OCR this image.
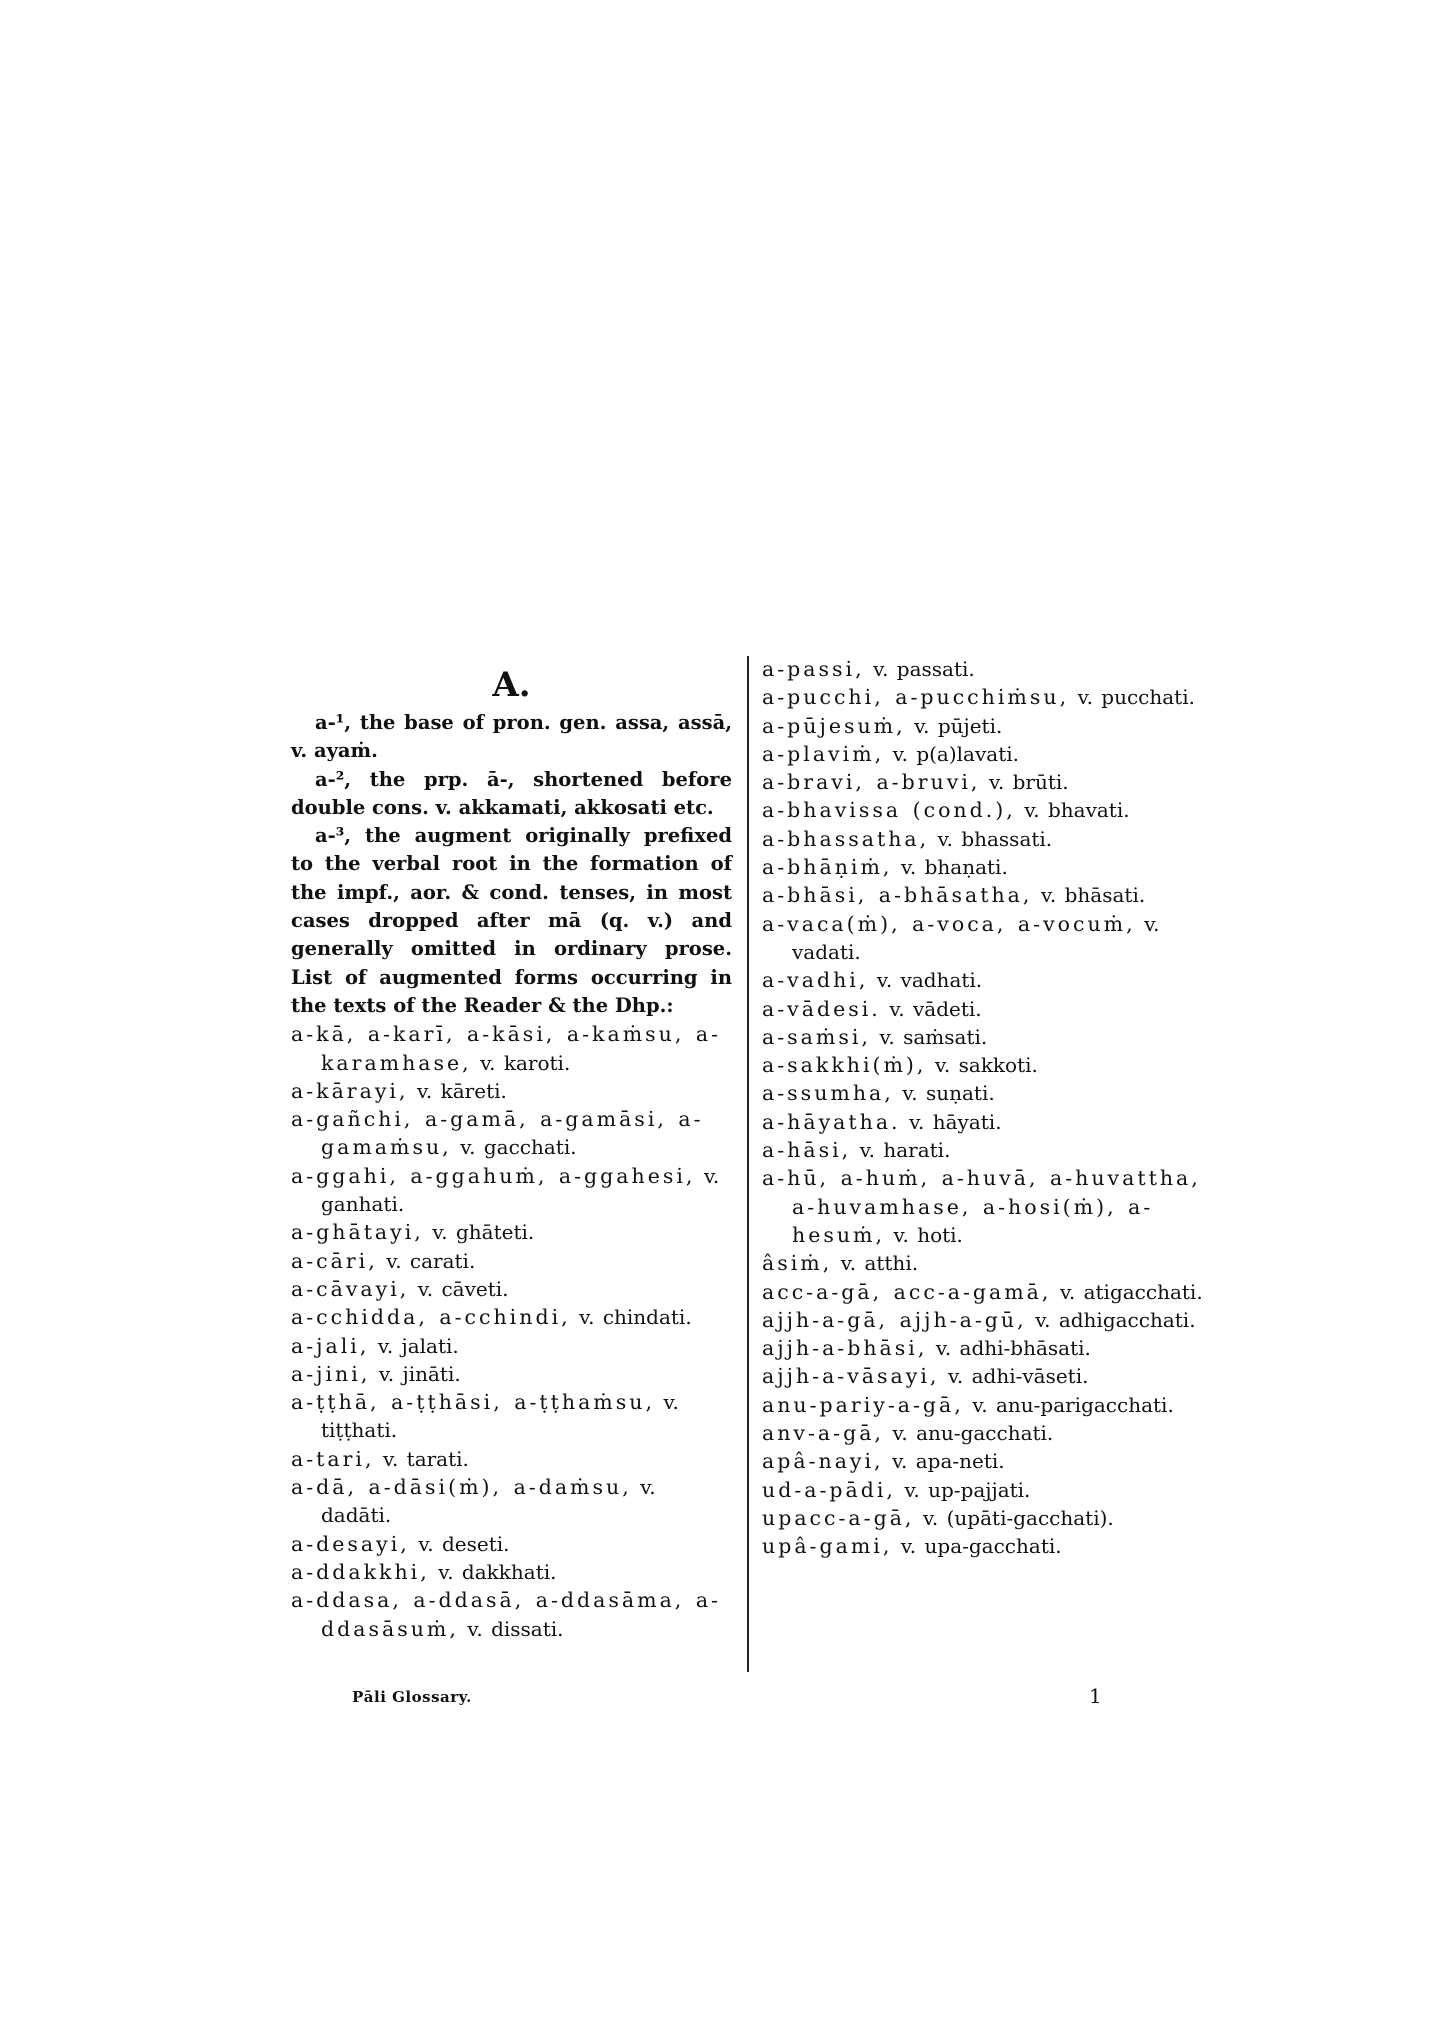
A.

a-¹, the base of pron. gen. assa, assā, v. ayaṁ.

a-², the prp. ā-, shortened before double cons. v. akkamati, akkosati etc.

a-³, the augment originally prefixed to the verbal root in the formation of the impf., aor. & cond. tenses, in most cases dropped after mā (q. v.) and generally omitted in ordinary prose. List of augmented forms occurring in the texts of the Reader & the Dhp.:

a-kā, a-karī, a-kāsi, a-kaṁsu, a-karamhase, v. karoti.

a-kārayi, v. kāreti.

a-gañchi, a-gamā, a-gamāsi, a-gamaṁsu, v. gacchati.

a-ggahi, a-ggahuṁ, a-ggahesi, v. ganhati.

a-ghātayi, v. ghāteti.

a-cāri, v. carati.

a-cāvayi, v. cāveti.

a-cchidda, a-cchindi, v. chindati.

a-jali, v. jalati.

a-jini, v. jināti.

a-ṭṭhā, a-ṭṭhāsi, a-ṭṭhaṁsu, v. tiṭṭhati.

a-tari, v. tarati.

a-dā, a-dāsi(ṁ), a-daṁsu, v. dadāti.

a-desayi, v. deseti.

a-ddakkhi, v. dakkhati.

a-ddasa, a-ddasā, a-ddasāma, a-ddasāsuṁ, v. dissati.

a-passi, v. passati.

a-pucchi, a-pucchiṁsu, v. pucchati.

a-pūjesuṁ, v. pūjeti.

a-plaviṁ, v. p(a)lavati.

a-bravi, a-bruvi, v. brūti.

a-bhavissa (cond.), v. bhavati.

a-bhassatha, v. bhassati.

a-bhāṇiṁ, v. bhaṇati.

a-bhāsi, a-bhāsatha, v. bhāsati.

a-vaca(ṁ), a-voca, a-vocuṁ, v. vadati.

a-vadhi, v. vadhati.

a-vādesi. v. vādeti.

a-saṁsi, v. saṁsati.

a-sakkhi(ṁ), v. sakkoti.

a-ssumha, v. suṇati.

a-hāyatha. v. hāyati.

a-hāsi, v. harati.

a-hū, a-huṁ, a-huvā, a-huvattha, a-huvamhase, a-hosi(ṁ), a-hesuṁ, v. hoti.

âsiṁ, v. atthi.

acc-a-gā, acc-a-gamā, v. atigacchati.

ajjh-a-gā, ajjh-a-gū, v. adhigacchati.

ajjh-a-bhāsi, v. adhi-bhāsati.

ajjh-a-vāsayi, v. adhi-vāseti.

anu-pariy-a-gā, v. anu-parigacchati.

anv-a-gā, v. anu-gacchati.

apâ-nayi, v. apa-neti.

ud-a-pādi, v. up-pajjati.

upacc-a-gā, v. (upāti-gacchati).

upâ-gami, v. upa-gacchati.

Pāli Glossary.	1
